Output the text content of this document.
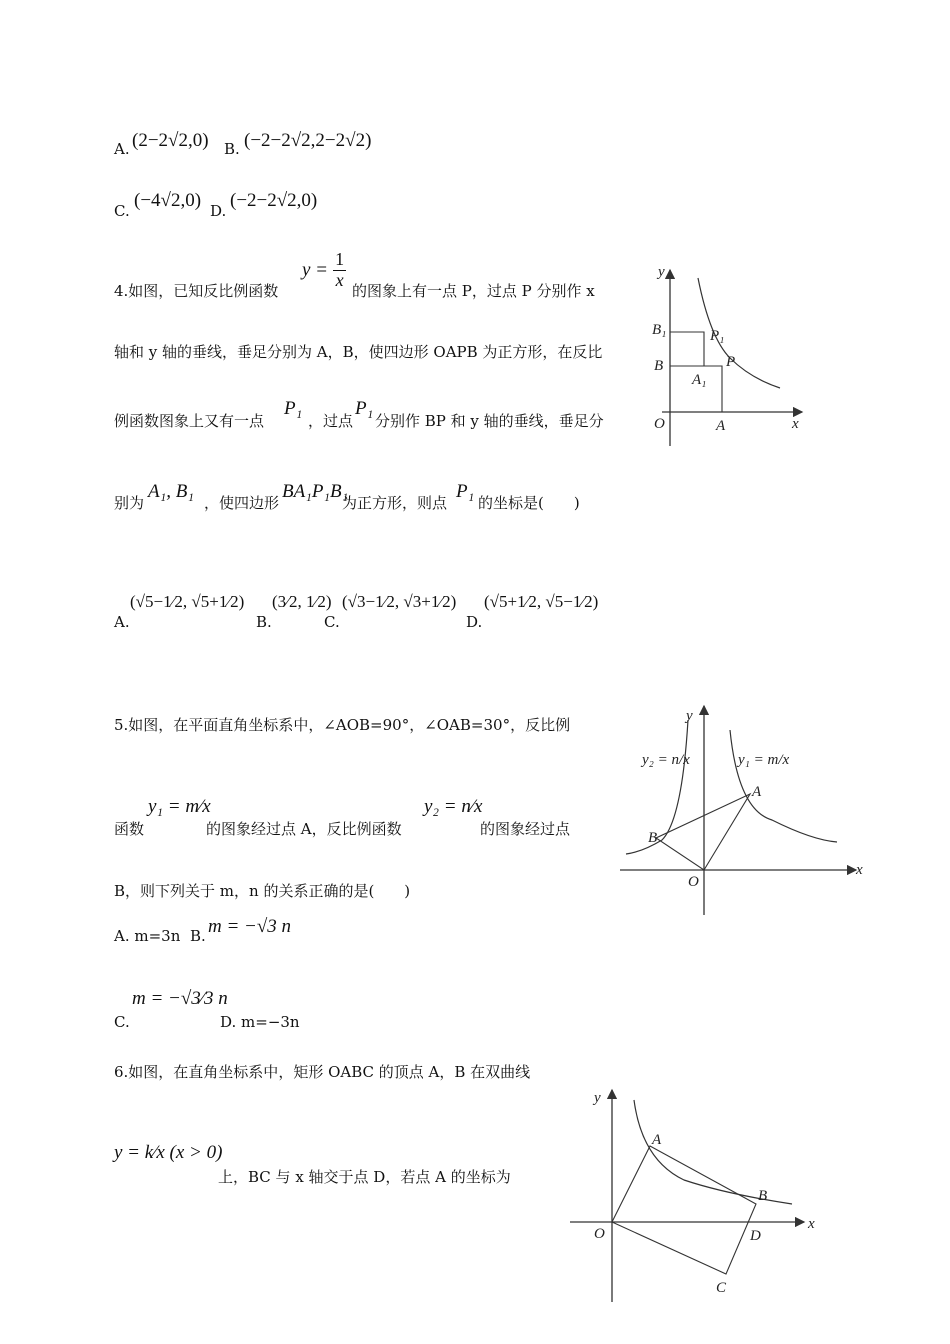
A. (2−2√2,0) B. (−2−2√2,2−2√2)
C. (−4√2,0) D. (−2−2√2,0)
4.如图，已知反比例函数
$y = \frac{1}{x}$
的图象上有一点 P，过点 P 分别作 x
轴和 y 轴的垂线，垂足分别为 A，B，使四边形 OAPB 为正方形，在反比
例函数图象上又有一点
P₁
，过点
P₁
分别作 BP 和 y 轴的垂线，垂足分
别为
A₁, B₁
，使四边形
BA₁P₁B₁
为正方形，则点
P₁
的坐标是(　　)
A.
(√5−1⁄2, √5+1⁄2)
B.
(3⁄2, 1⁄2)
C.
(√3−1⁄2, √3+1⁄2)
D.
(√5+1⁄2, √5−1⁄2)
y
x
O	A
B
B₁
P
P₁
A₁
5.如图，在平面直角坐标系中，∠AOB=90°，∠OAB=30°，反比例
函数
y₁ = m⁄x
的图象经过点 A，反比例函数
y₂ = n⁄x
的图象经过点
B，则下列关于 m，n 的关系正确的是(　　)
A. m=3n B. m = −√3 n
C.
m = −√3⁄3 n
D. m=−3n
y
x
O
A
B
y₁ = m/x
y₂ = n/x
6.如图，在直角坐标系中，矩形 OABC 的顶点 A，B 在双曲线
y = k⁄x (x > 0)
上，BC 与 x 轴交于点 D，若点 A 的坐标为
y
x
O
A
B
C
D
